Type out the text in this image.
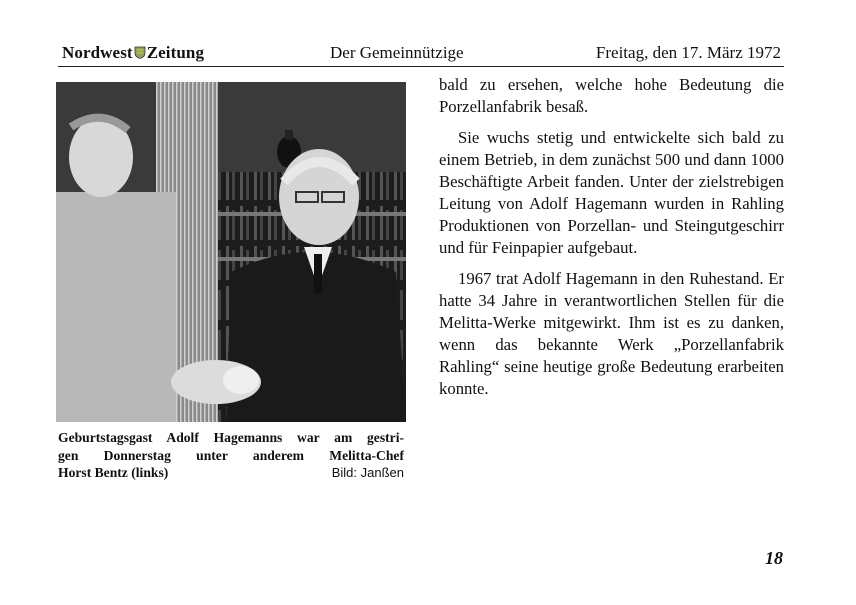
Nordwest Zeitung	Der Gemeinnützige	Freitag, den 17. März 1972
Geburtstagsgast Adolf Hagemanns war am gestri-
gen Donnerstag unter anderem Melitta-Chef
Horst Bentz (links)	Bild: Janßen

bald zu ersehen, welche hohe Bedeutung die Porzellanfabrik besaß.

Sie wuchs stetig und entwickelte sich bald zu einem Betrieb, in dem zunächst 500 und dann 1000 Beschäftigte Arbeit fanden. Unter der zielstrebigen Leitung von Adolf Hagemann wurden in Rahling Produktionen von Porzellan- und Steingutgeschirr und für Feinpapier aufgebaut.

1967 trat Adolf Hagemann in den Ruhestand. Er hatte 34 Jahre in verantwortlichen Stellen für die Melitta-Werke mitgewirkt. Ihm ist es zu danken, wenn das bekannte Werk „Porzellanfabrik Rahling“ seine heutige große Bedeutung erarbeiten konnte.

18
